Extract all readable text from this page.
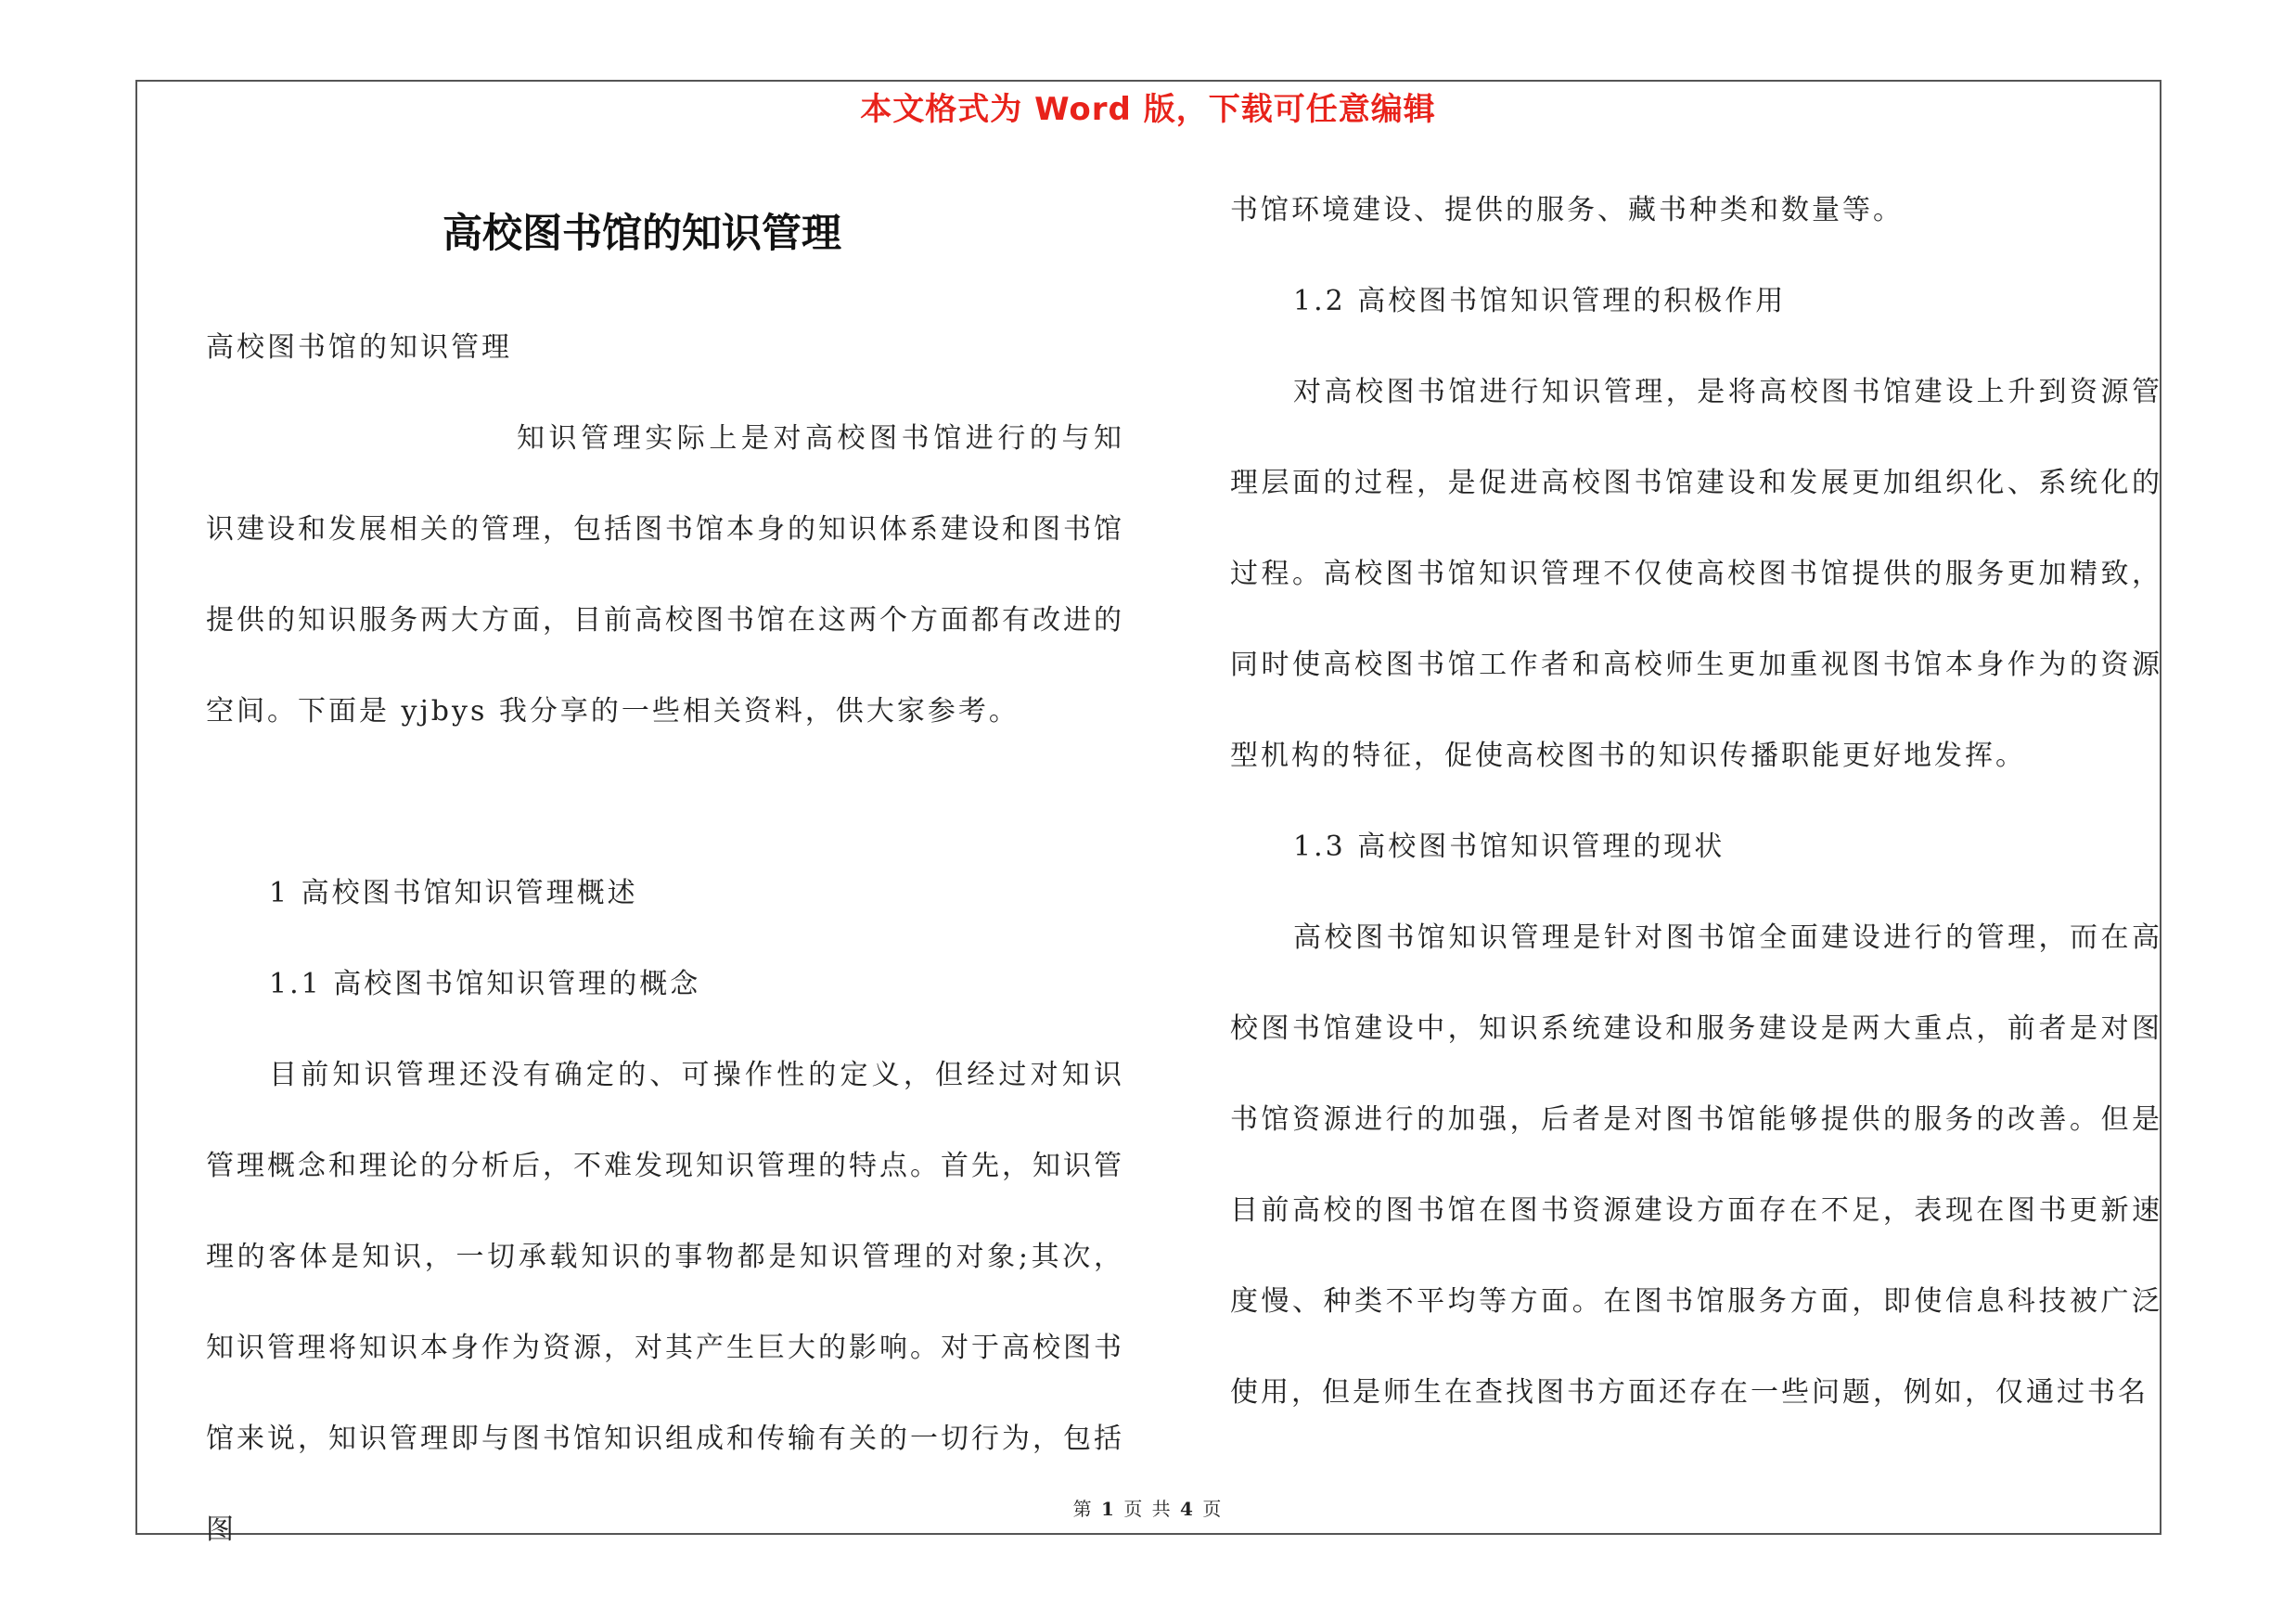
本文格式为 Word 版，下载可任意编辑
高校图书馆的知识管理

高校图书馆的知识管理

知识管理实际上是对高校图书馆进行的与知识建设和发展相关的管理，包括图书馆本身的知识体系建设和图书馆提供的知识服务两大方面，目前高校图书馆在这两个方面都有改进的空间。下面是 yjbys 我分享的一些相关资料，供大家参考。

1 高校图书馆知识管理概述

1.1 高校图书馆知识管理的概念

目前知识管理还没有确定的、可操作性的定义，但经过对知识管理概念和理论的分析后，不难发现知识管理的特点。首先，知识管理的客体是知识，一切承载知识的事物都是知识管理的对象;其次，知识管理将知识本身作为资源，对其产生巨大的影响。对于高校图书馆来说，知识管理即与图书馆知识组成和传输有关的一切行为，包括图

书馆环境建设、提供的服务、藏书种类和数量等。

1.2 高校图书馆知识管理的积极作用

对高校图书馆进行知识管理，是将高校图书馆建设上升到资源管理层面的过程，是促进高校图书馆建设和发展更加组织化、系统化的过程。高校图书馆知识管理不仅使高校图书馆提供的服务更加精致，同时使高校图书馆工作者和高校师生更加重视图书馆本身作为的资源型机构的特征，促使高校图书的知识传播职能更好地发挥。

1.3 高校图书馆知识管理的现状

高校图书馆知识管理是针对图书馆全面建设进行的管理，而在高校图书馆建设中，知识系统建设和服务建设是两大重点，前者是对图书馆资源进行的加强，后者是对图书馆能够提供的服务的改善。但是目前高校的图书馆在图书资源建设方面存在不足，表现在图书更新速度慢、种类不平均等方面。在图书馆服务方面，即使信息科技被广泛使用，但是师生在查找图书方面还存在一些问题，例如，仅通过书名

第 1 页 共 4 页
